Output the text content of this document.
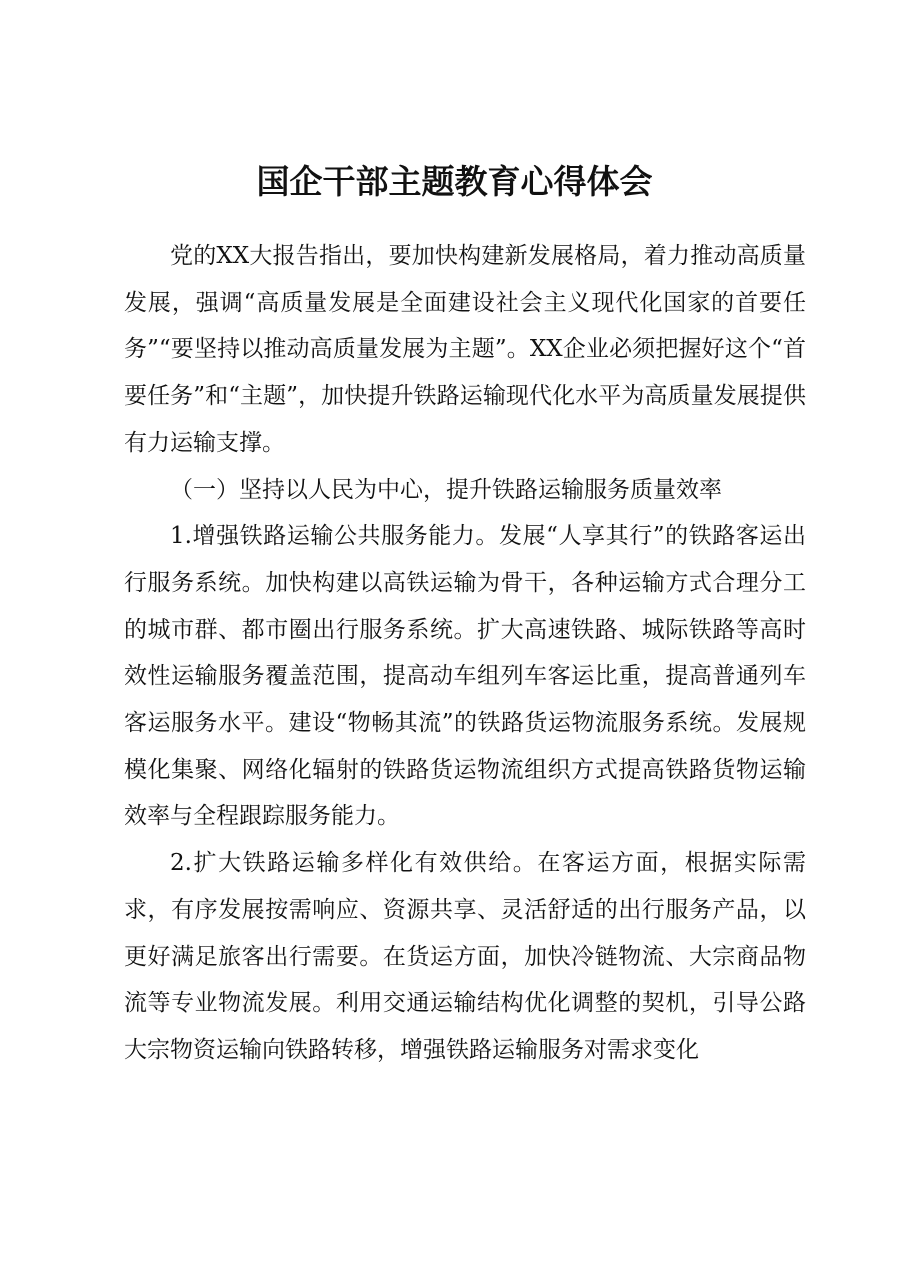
国企干部主题教育心得体会

党的XX大报告指出，要加快构建新发展格局，着力推动高质量发展，强调“高质量发展是全面建设社会主义现代化国家的首要任务”“要坚持以推动高质量发展为主题”。XX企业必须把握好这个“首要任务”和“主题”，加快提升铁路运输现代化水平为高质量发展提供有力运输支撑。

（一）坚持以人民为中心，提升铁路运输服务质量效率

1.增强铁路运输公共服务能力。发展“人享其行”的铁路客运出行服务系统。加快构建以高铁运输为骨干，各种运输方式合理分工的城市群、都市圈出行服务系统。扩大高速铁路、城际铁路等高时效性运输服务覆盖范围，提高动车组列车客运比重，提高普通列车客运服务水平。建设“物畅其流”的铁路货运物流服务系统。发展规模化集聚、网络化辐射的铁路货运物流组织方式提高铁路货物运输效率与全程跟踪服务能力。

2.扩大铁路运输多样化有效供给。在客运方面，根据实际需求，有序发展按需响应、资源共享、灵活舒适的出行服务产品，以更好满足旅客出行需要。在货运方面，加快冷链物流、大宗商品物流等专业物流发展。利用交通运输结构优化调整的契机，引导公路大宗物资运输向铁路转移，增强铁路运输服务对需求变化
